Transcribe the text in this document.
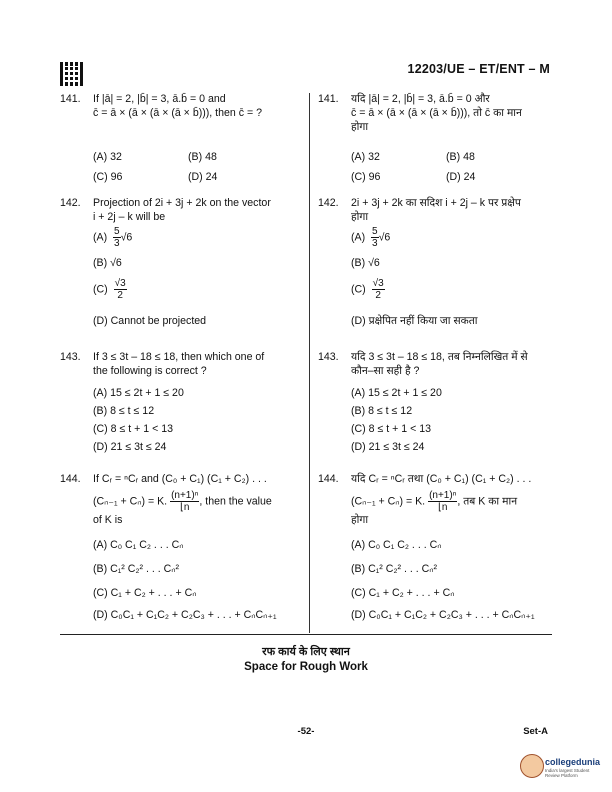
12203/UE – ET/ENT – M
141.	If |ā| = 2, |b̄| = 3, ā.b̄ = 0 and
c̄ = ā × (ā × (ā × (ā × b̄))), then c̄ = ?
(A) 32	(B) 48
(C) 96	(D) 24
142.	Projection of 2i + 3j + 2k on the vector
i + 2j – k will be
$(A) \frac{5}{3} √6$
(B) √6
$(C) \frac{√3}{2}$
(D) Cannot be projected
143.	If 3 ≤ 3t – 18 ≤ 18, then which one of
the following is correct ?
(A) 15 ≤ 2t + 1 ≤ 20
(B) 8 ≤ t ≤ 12
(C) 8 ≤ t + 1 < 13
(D) 21 ≤ 3t ≤ 24
144.	If Cᵣ = ⁿCᵣ and (C₀ + C₁) (C₁ + C₂) . . .
(Cₙ₋₁ + Cₙ) = K. $\frac{\text{(n+1)ⁿ}}{⌊n}$ , then the value
of K is
(A) C₀ C₁ C₂ . . . Cₙ
(B) C₁² C₂² . . . Cₙ²
(C) C₁ + C₂ + . . . + Cₙ
(D) C₀C₁ + C₁C₂ + C₂C₃ + . . . + CₙCₙ₊₁
141.	यदि |ā| = 2, |b̄| = 3, ā.b̄ = 0 और
c̄ = ā × (ā × (ā × (ā × b̄))), तो c̄ का मान
होगा
(A) 32	(B) 48
(C) 96	(D) 24
142.	2i + 3j + 2k का सदिश i + 2j – k पर प्रक्षेप
होगा
$(A) \frac{5}{3} √6$
(B) √6
$(C) \frac{√3}{2}$
(D) प्रक्षेपित नहीं किया जा सकता
143.	यदि 3 ≤ 3t – 18 ≤ 18, तब निम्नलिखित में से
कौन–सा सही है ?
(A) 15 ≤ 2t + 1 ≤ 20
(B) 8 ≤ t ≤ 12
(C) 8 ≤ t + 1 < 13
(D) 21 ≤ 3t ≤ 24
144.	यदि Cᵣ = ⁿCᵣ तथा (C₀ + C₁) (C₁ + C₂) . . .
(Cₙ₋₁ + Cₙ) = K. $\frac{\text{(n+1)ⁿ}}{⌊n}$ , तब K का मान
होगा
(A) C₀ C₁ C₂ . . . Cₙ
(B) C₁² C₂² . . . Cₙ²
(C) C₁ + C₂ + . . . + Cₙ
(D) C₀C₁ + C₁C₂ + C₂C₃ + . . . + CₙCₙ₊₁
रफ कार्य के लिए स्थान
Space for Rough Work
-52-	Set-A
collegedunia
India's largest Student Review Platform
